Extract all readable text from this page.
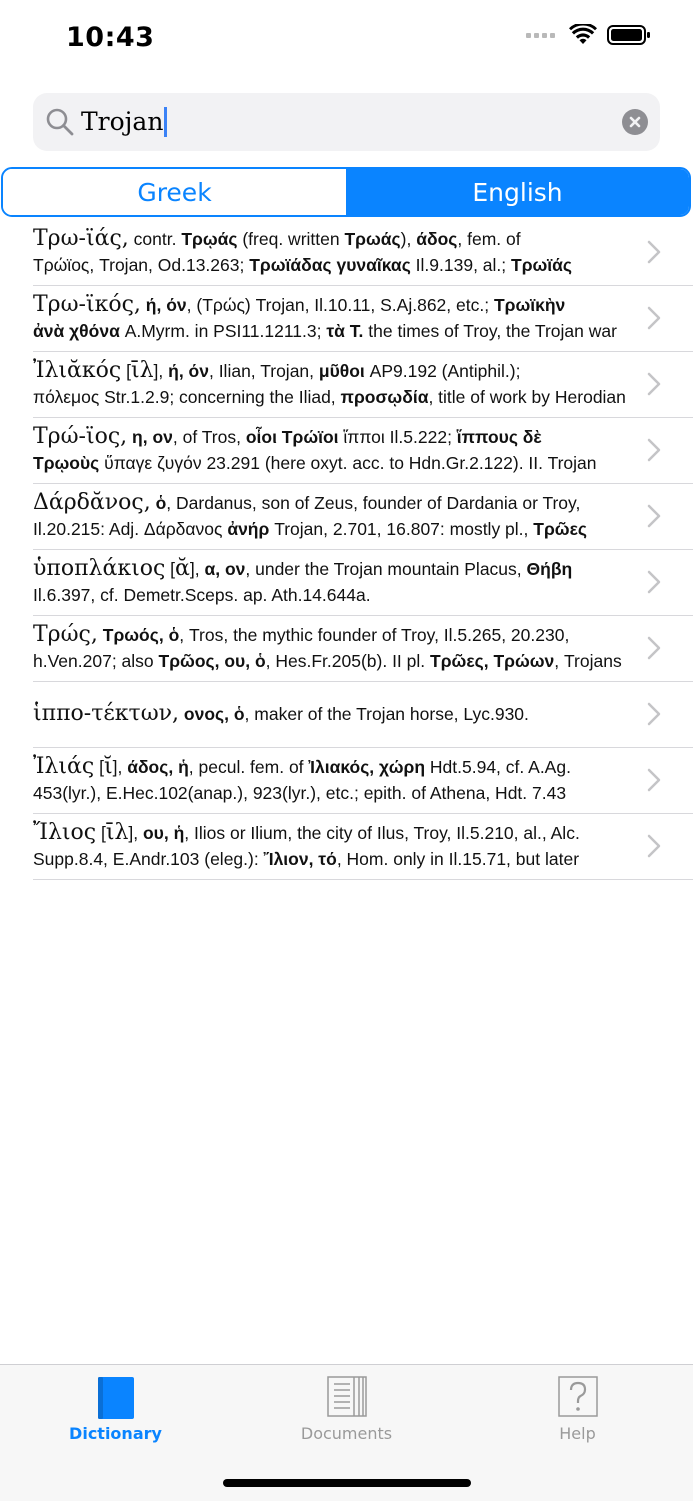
10:43
Trojan
Greek	English
Τρω-ϊάς, contr. Τρῳάς (freq. written Τρωάς), άδος, fem. of
Τρώϊος, Trojan, Od.13.263; Τρωϊάδας γυναῖκας Il.9.139, al.; Τρωϊάς
Τρω-ϊκός, ή, όν, (Τρώς) Trojan, Il.10.11, S.Aj.862, etc.; Τρωϊκὴν
ἀνὰ χθόνα A.Myrm. in PSI11.1211.3; τὰ Τ. the times of Troy, the Trojan war
Ἰλιᾰκός [ῑλ], ή, όν, Ilian, Trojan, μῦθοι AP9.192 (Antiphil.);
πόλεμος Str.1.2.9; concerning the Iliad, προσῳδία, title of work by Herodian
Τρώ-ϊος, η, ον, of Tros, οἷοι Τρώϊοι ἵπποι Il.5.222; ἵππους δὲ
Τρῳοὺς ὕπαγε ζυγόν 23.291 (here oxyt. acc. to Hdn.Gr.2.122). II. Trojan
Δάρδᾰνος, ὁ, Dardanus, son of Zeus, founder of Dardania or Troy,
Il.20.215: Adj. Δάρδανος ἀνήρ Trojan, 2.701, 16.807: mostly pl., Τρῶες
ὑποπλάκιος [ᾰ], α, ον, under the Trojan mountain Placus, Θήβη
Il.6.397, cf. Demetr.Sceps. ap. Ath.14.644a.
Τρώς, Τρωός, ὁ, Tros, the mythic founder of Troy, Il.5.265, 20.230,
h.Ven.207; also Τρῶος, ου, ὁ, Hes.Fr.205(b). II pl. Τρῶες, Τρώων, Trojans
ἱππο-τέκτων, ονος, ὁ, maker of the Trojan horse, Lyc.930.
Ἰλιάς [ῐ], άδος, ἡ, pecul. fem. of Ἰλιακός, χώρη Hdt.5.94, cf. A.Ag.
453(lyr.), E.Hec.102(anap.), 923(lyr.), etc.; epith. of Athena, Hdt. 7.43
Ἴλιος [ῑλ], ου, ἡ, Ilios or Ilium, the city of Ilus, Troy, Il.5.210, al., Alc.
Supp.8.4, E.Andr.103 (eleg.): Ἴλιον, τό, Hom. only in Il.15.71, but later
Dictionary	Documents	Help
